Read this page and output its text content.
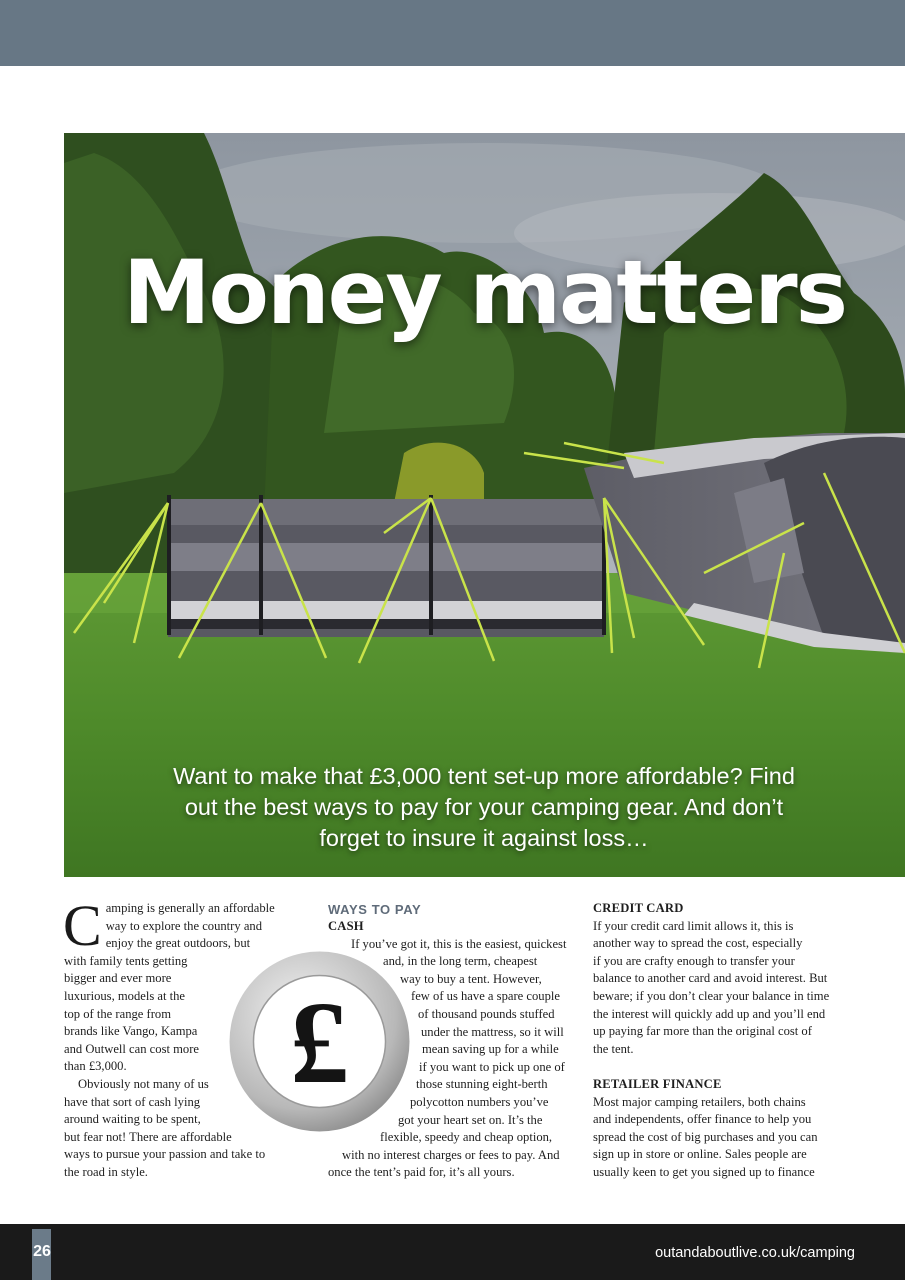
Money matters
Want to make that £3,000 tent set-up more affordable? Find
out the best ways to pay for your camping gear. And don’t
forget to insure it against loss…
C amping is generally an affordable
way to explore the country and
enjoy the great outdoors, but
with family tents getting
bigger and ever more
luxurious, models at the
top of the range from
brands like Vango, Kampa
and Outwell can cost more
than £3,000.
Obviously not many of us
have that sort of cash lying
around waiting to be spent,
but fear not! There are affordable
ways to pursue your passion and take to
the road in style.
WAYS TO PAY
CASH
If you’ve got it, this is the easiest, quickest
and, in the long term, cheapest
way to buy a tent. However,
few of us have a spare couple
of thousand pounds stuffed
under the mattress, so it will
mean saving up for a while
if you want to pick up one of
those stunning eight-berth
polycotton numbers you’ve
got your heart set on. It’s the
flexible, speedy and cheap option,
with no interest charges or fees to pay. And
once the tent’s paid for, it’s all yours.
£
CREDIT CARD
If your credit card limit allows it, this is
another way to spread the cost, especially
if you are crafty enough to transfer your
balance to another card and avoid interest. But
beware; if you don’t clear your balance in time
the interest will quickly add up and you’ll end
up paying far more than the original cost of
the tent.
RETAILER FINANCE
Most major camping retailers, both chains
and independents, offer finance to help you
spread the cost of big purchases and you can
sign up in store or online. Sales people are
usually keen to get you signed up to finance
26	outandaboutlive.co.uk/camping
